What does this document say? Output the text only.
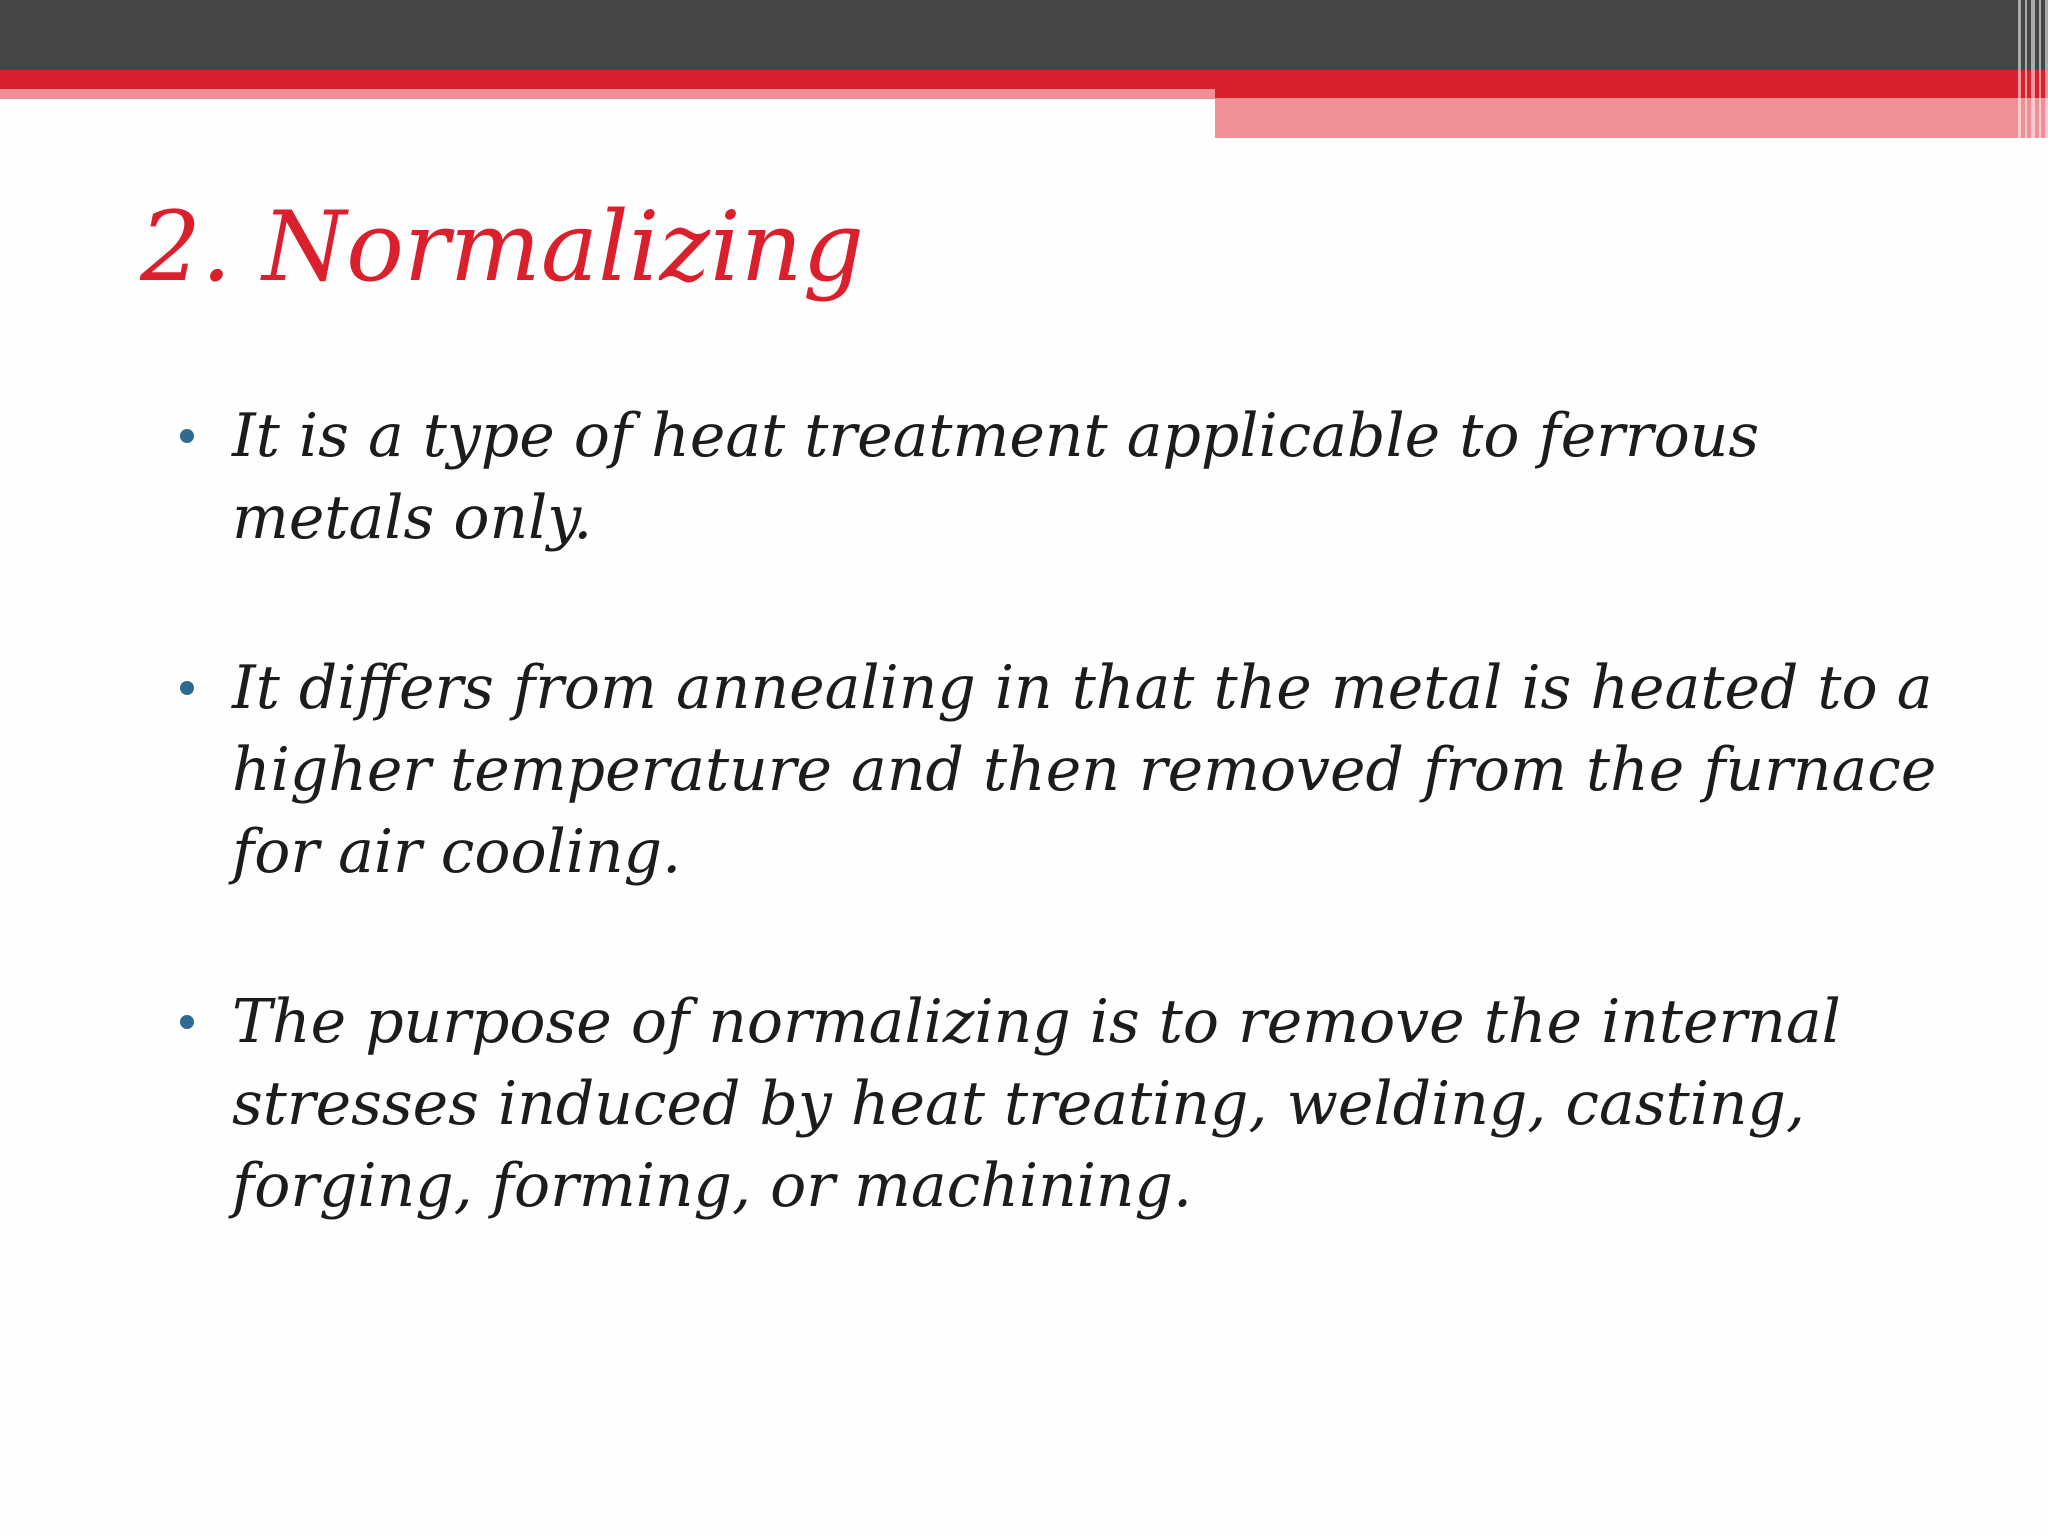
2. Normalizing
It is a type of heat treatment applicable to ferrous metals only.
It differs from annealing in that the metal is heated to a higher temperature and then removed from the furnace for air cooling.
The purpose of normalizing is to remove the internal stresses induced by heat treating, welding, casting, forging, forming, or machining.
